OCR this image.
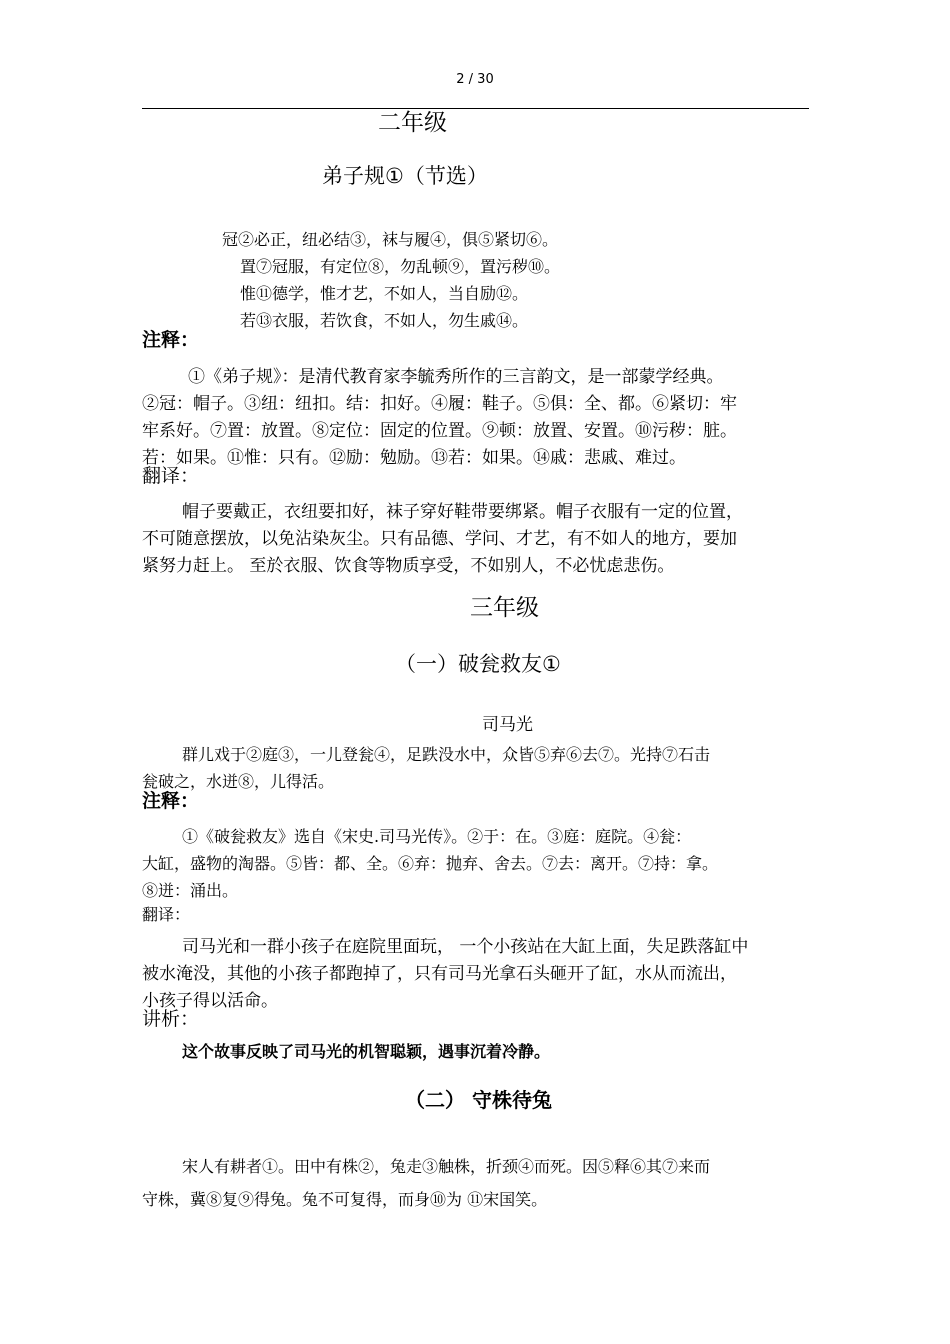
2 / 30
二年级
弟子规①（节选）
冠②必正，纽必结③，袜与履④，俱⑤紧切⑥。
置⑦冠服，有定位⑧，勿乱顿⑨，置污秽⑩。
惟⑪德学，惟才艺，不如人，当自励⑫。
若⑬衣服，若饮食，不如人，勿生戚⑭。
注释：
①《弟子规》：是清代教育家李毓秀所作的三言韵文，是一部蒙学经典。
②冠：帽子。③纽：纽扣。结：扣好。④履：鞋子。⑤俱：全、都。⑥紧切：牢
牢系好。⑦置：放置。⑧定位：固定的位置。⑨顿：放置、安置。⑩污秽：脏。
若：如果。⑪惟：只有。⑫励：勉励。⑬若：如果。⑭戚：悲戚、难过。
翻译：
帽子要戴正，衣纽要扣好，袜子穿好鞋带要绑紧。帽子衣服有一定的位置，
不可随意摆放，以免沾染灰尘。只有品德、学问、才艺，有不如人的地方，要加
紧努力赶上。 至於衣服、饮食等物质享受，不如别人，不必忧虑悲伤。
三年级
（一）破瓮救友①
司马光
群儿戏于②庭③，一儿登瓮④，足跌没水中，众皆⑤弃⑥去⑦。光持⑦石击
瓮破之，水迸⑧，儿得活。
注释：
①《破瓮救友》选自《宋史.司马光传》。②于：在。③庭：庭院。④瓮：
大缸，盛物的淘器。⑤皆：都、全。⑥弃：抛弃、舍去。⑦去：离开。⑦持：拿。
⑧迸：涌出。
翻译：
司马光和一群小孩子在庭院里面玩， 一个小孩站在大缸上面，失足跌落缸中
被水淹没，其他的小孩子都跑掉了，只有司马光拿石头砸开了缸，水从而流出，
小孩子得以活命。
讲析：
这个故事反映了司马光的机智聪颖，遇事沉着冷静。
（二） 守株待兔
宋人有耕者①。田中有株②，兔走③触株，折颈④而死。因⑤释⑥其⑦来而
守株，冀⑧复⑨得兔。兔不可复得，而身⑩为 ⑪宋国笑。
